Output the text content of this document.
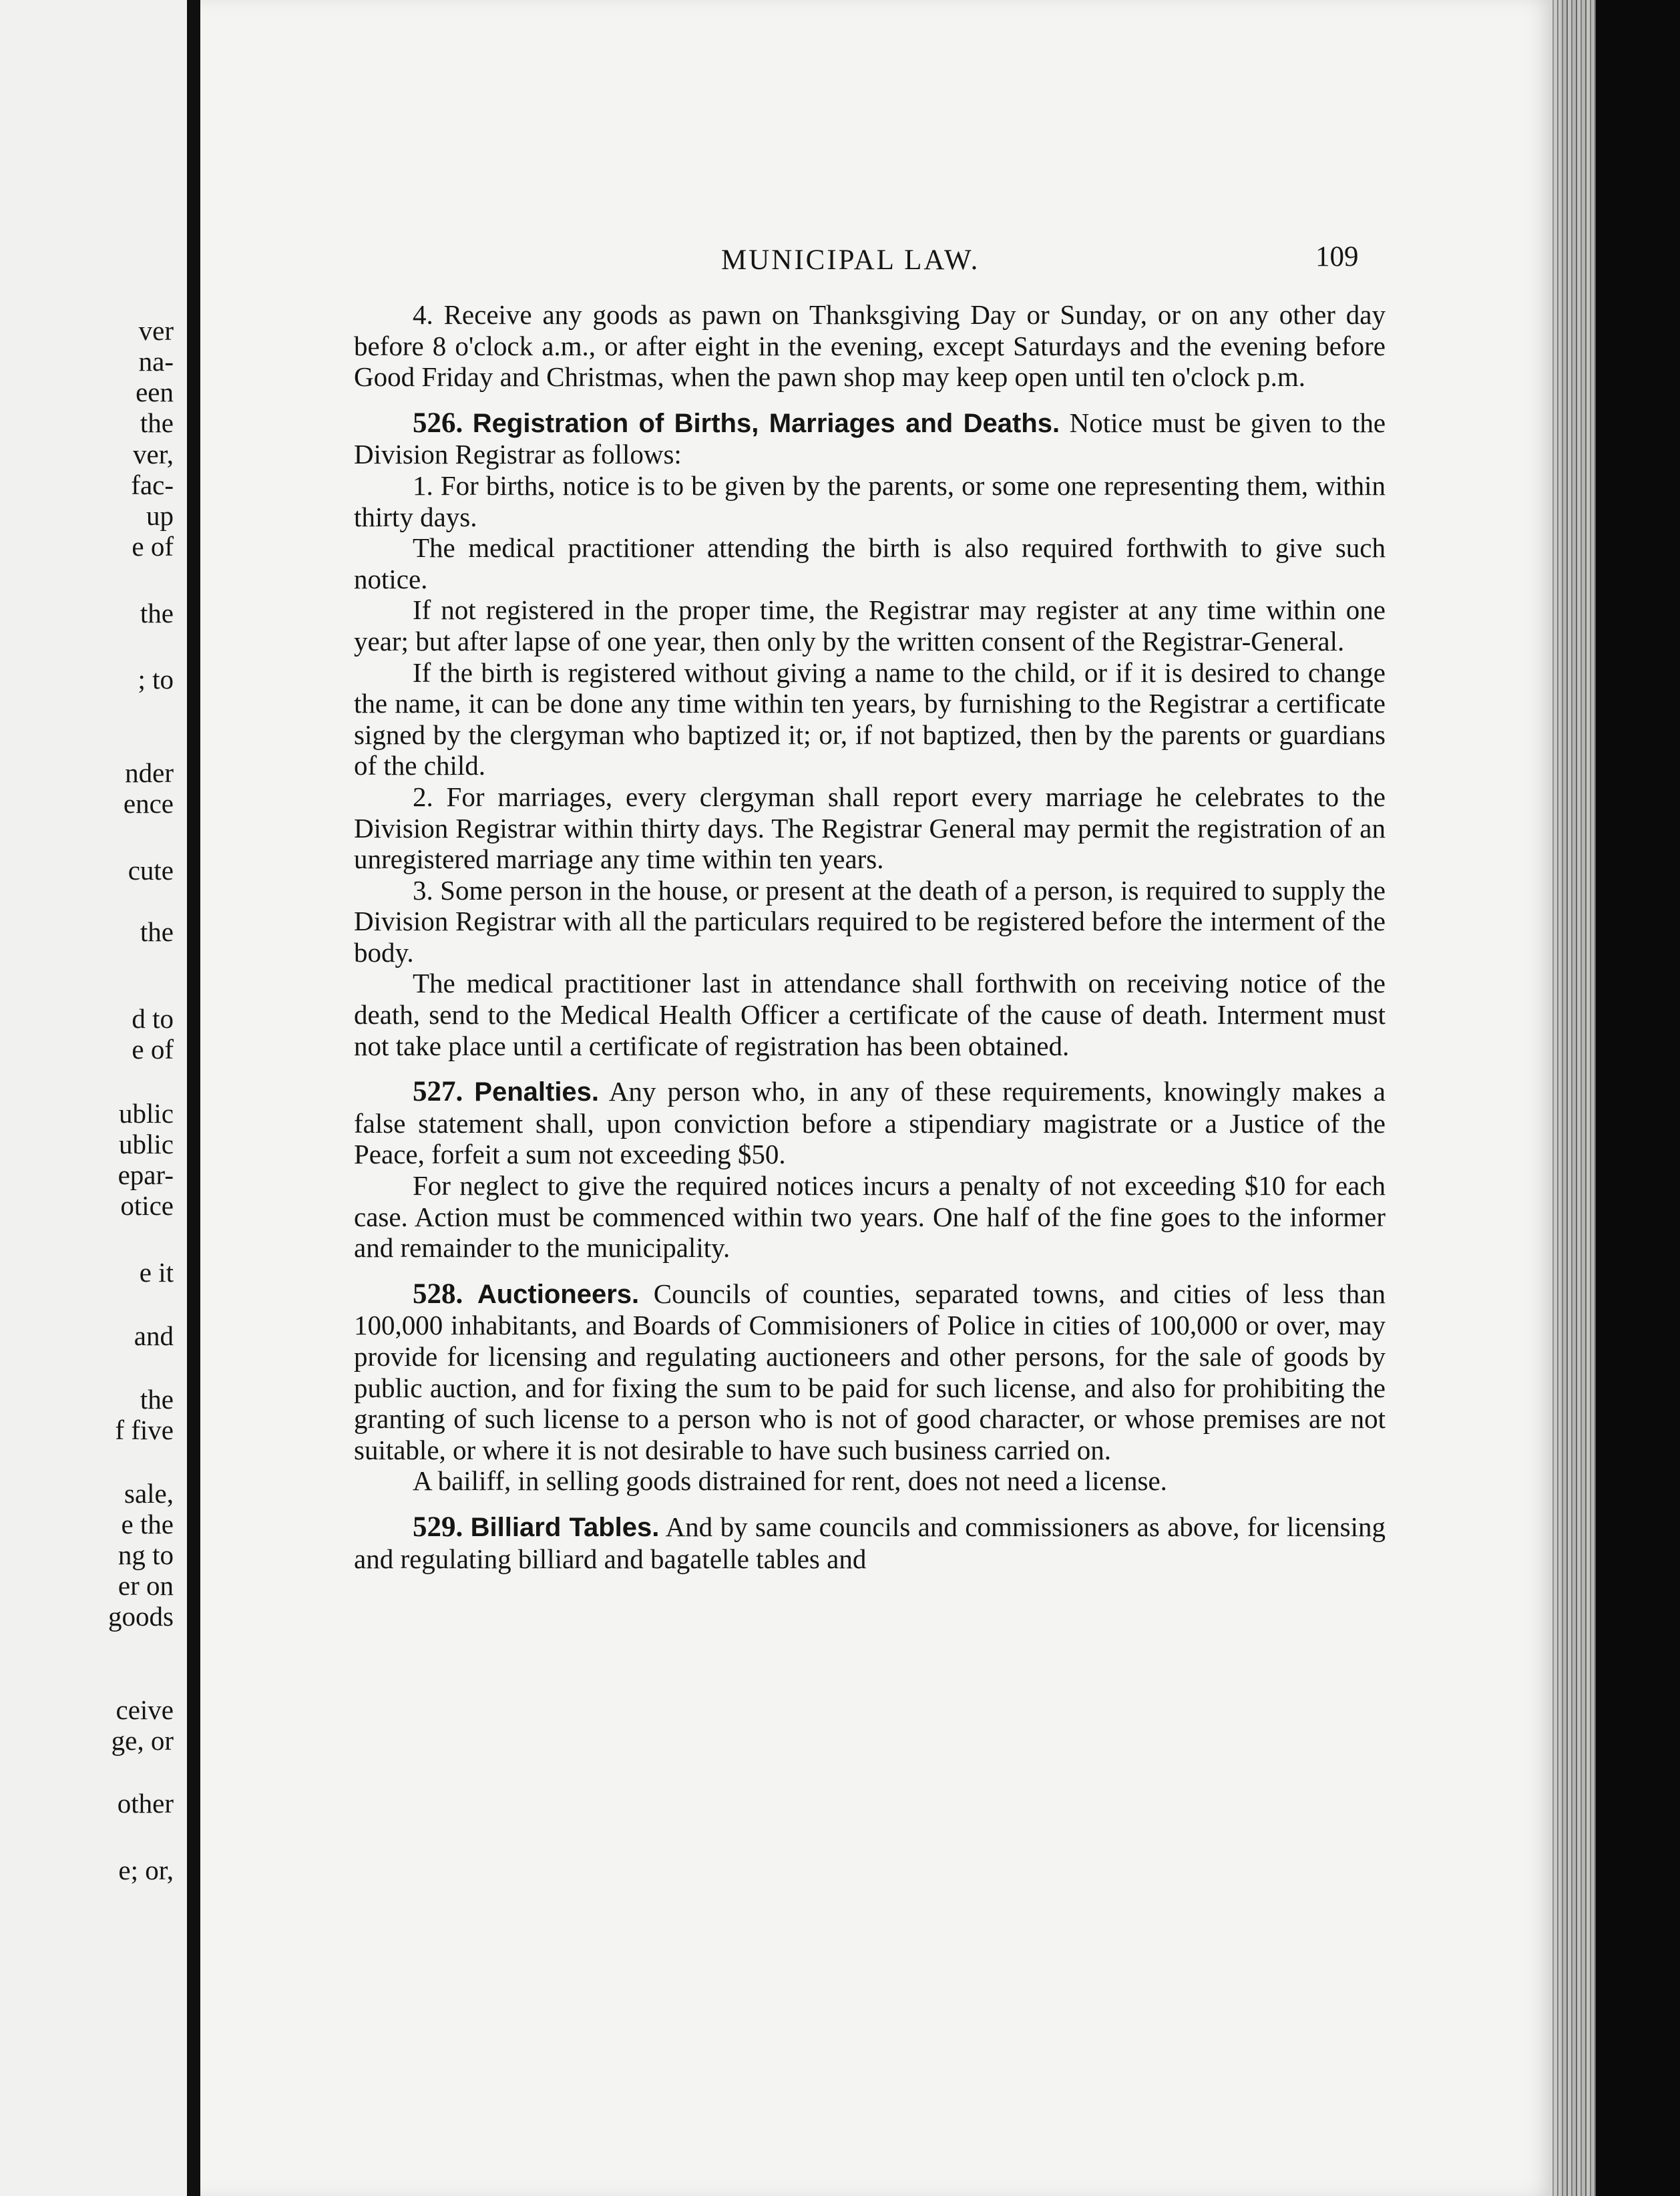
ver
na-
een
the
ver,
fac-
up
e of
the
; to
nder
ence
cute
the
d to
e of
ublic
ublic
epar-
otice
e it
and
the
f five
sale,
e the
ng to
er on
goods
ceive
ge, or
other
e; or,
MUNICIPAL LAW.	109

4. Receive any goods as pawn on Thanksgiving Day or Sunday, or on any other day before 8 o'clock a.m., or after eight in the evening, except Saturdays and the evening before Good Friday and Christmas, when the pawn shop may keep open until ten o'clock p.m.

526. Registration of Births, Marriages and Deaths. Notice must be given to the Division Registrar as follows:

1. For births, notice is to be given by the parents, or some one representing them, within thirty days.

The medical practitioner attending the birth is also required forthwith to give such notice.

If not registered in the proper time, the Registrar may register at any time within one year; but after lapse of one year, then only by the written consent of the Registrar-General.

If the birth is registered without giving a name to the child, or if it is desired to change the name, it can be done any time within ten years, by furnishing to the Registrar a certificate signed by the clergyman who baptized it; or, if not baptized, then by the parents or guardians of the child.

2. For marriages, every clergyman shall report every marriage he celebrates to the Division Registrar within thirty days. The Registrar General may permit the registration of an unregistered marriage any time within ten years.

3. Some person in the house, or present at the death of a person, is required to supply the Division Registrar with all the particulars required to be registered before the interment of the body.

The medical practitioner last in attendance shall forthwith on receiving notice of the death, send to the Medical Health Officer a certificate of the cause of death. Interment must not take place until a certificate of registration has been obtained.

527. Penalties. Any person who, in any of these requirements, knowingly makes a false statement shall, upon conviction before a stipendiary magistrate or a Justice of the Peace, forfeit a sum not exceeding $50.

For neglect to give the required notices incurs a penalty of not exceeding $10 for each case. Action must be commenced within two years. One half of the fine goes to the informer and remainder to the municipality.

528. Auctioneers. Councils of counties, separated towns, and cities of less than 100,000 inhabitants, and Boards of Commisioners of Police in cities of 100,000 or over, may provide for licensing and regulating auctioneers and other persons, for the sale of goods by public auction, and for fixing the sum to be paid for such license, and also for prohibiting the granting of such license to a person who is not of good character, or whose premises are not suitable, or where it is not desirable to have such business carried on.

A bailiff, in selling goods distrained for rent, does not need a license.

529. Billiard Tables. And by same councils and commissioners as above, for licensing and regulating billiard and bagatelle tables and
